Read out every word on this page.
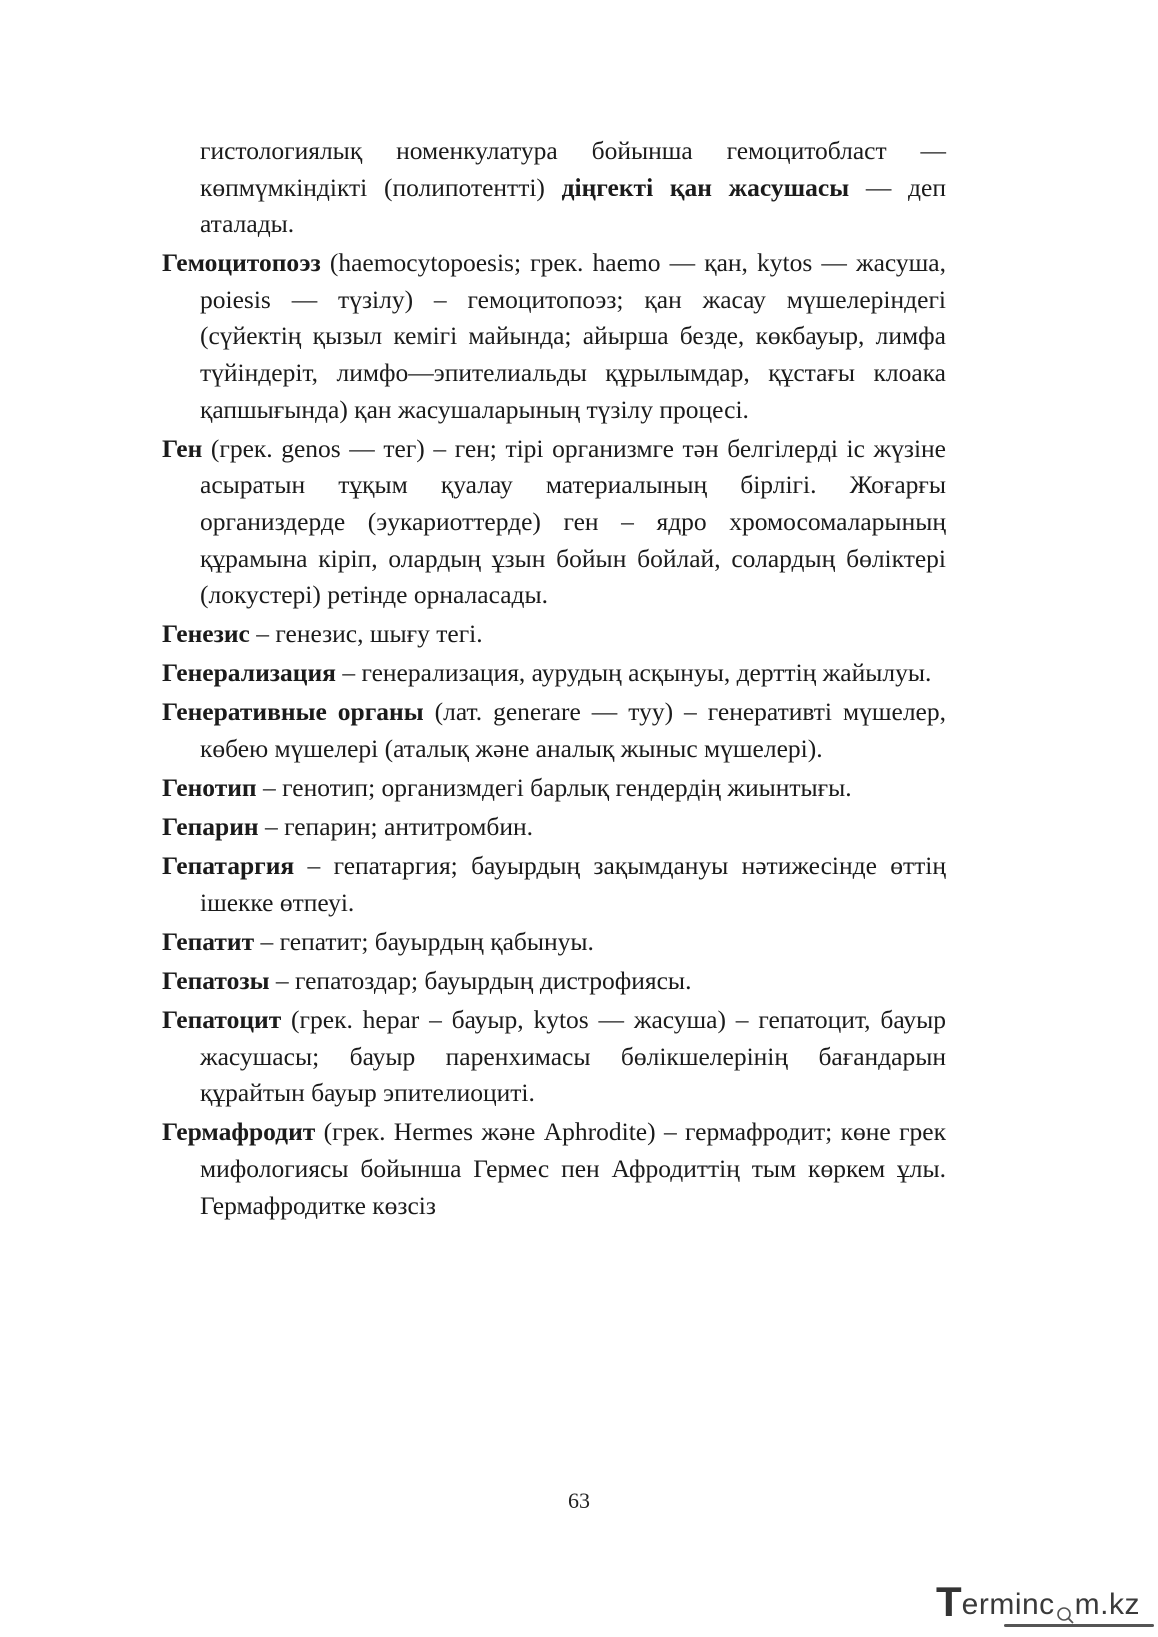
гистологиялық номенкулатура бойынша гемоцитобласт — көпмүмкіндікті (полипотентті) діңгекті қан жасушасы — деп аталады.

Гемоцитопоэз (haemocytopoesis; грек. haemo — қан, kytos — жасуша, poiesis — түзілу) – гемоцитопоэз; қан жасау мүшелеріндегі (сүйектің қызыл кемігі майында; айырша безде, көкбауыр, лимфа түйіндеріт, лимфо—эпителиальды құрылымдар, құстағы клоака қапшығында) қан жасушаларының түзілу процесі.

Ген (грек. genos — тег) – ген; тірі организмге тән белгілерді іс жүзіне асыратын тұқым қуалау материалының бірлігі. Жоғарғы организдерде (эукариоттерде) ген – ядро хромосомаларының құрамына кіріп, олардың ұзын бойын бойлай, солардың бөліктері (локустері) ретінде орналасады.

Генезис – генезис, шығу тегі.

Генерализация – генерализация, аурудың асқынуы, дерттің жайылуы.

Генеративные органы (лат. generare — туу) – генеративті мүшелер, көбею мүшелері (аталық және аналық жыныс мүшелері).

Генотип – генотип; организмдегі барлық гендердің жиынтығы.

Гепарин – гепарин; антитромбин.

Гепатаргия – гепатаргия; бауырдың зақымдануы нәтижесінде өттің ішекке өтпеуі.

Гепатит – гепатит; бауырдың қабынуы.

Гепатозы – гепатоздар; бауырдың дистрофиясы.

Гепатоцит (грек. hepar – бауыр, kytos — жасуша) – гепатоцит, бауыр жасушасы; бауыр паренхимасы бөлікшелерінің бағандарын құрайтын бауыр эпителиоциті.

Гермафродит (грек. Hermes және Aphrodite) – гермафродит; көне грек мифологиясы бойынша Гермес пен Афродиттің тым көркем ұлы. Гермафродитке көзсіз

63
T erminc m.kz
